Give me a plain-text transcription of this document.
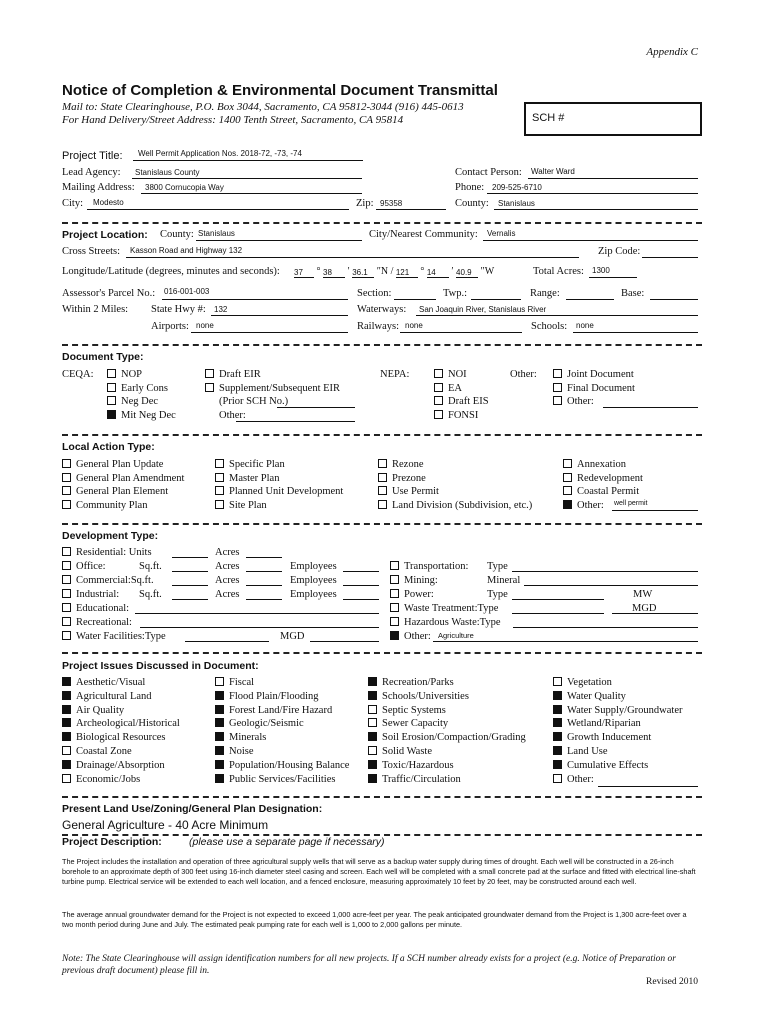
Appendix C
Notice of Completion & Environmental Document Transmittal
Mail to: State Clearinghouse, P.O. Box 3044, Sacramento, CA 95812-3044 (916) 445-0613
For Hand Delivery/Street Address: 1400 Tenth Street, Sacramento, CA 95814	SCH #
Project Title: Well Permit Application Nos. 2018-72, -73, -74
Lead Agency: Stanislaus County	Contact Person: Walter Ward
Mailing Address: 3800 Cornucopia Way	Phone: 209-525-6710
City: Modesto	Zip: 95358	County: Stanislaus
Project Location: County: Stanislaus	City/Nearest Community: Vernalis
Cross Streets: Kasson Road and Highway 132	Zip Code:
Longitude/Latitude (degrees, minutes and seconds): 37 ° 38 ′ 36.1 ″N / 121 ° 14 ′ 40.9 ″W	Total Acres: 1300
Assessor's Parcel No.: 016-001-003	Section:	Twp.:	Range:	Base:
Within 2 Miles: State Hwy #: 132	Waterways: San Joaquin River, Stanislaus River
Airports: none	Railways: none	Schools: none
Document Type:
CEQA:	NOP
Early Cons
Neg Dec
Mit Neg Dec
Draft EIR
Supplement/Subsequent EIR
(Prior SCH No.)
Other:
NEPA:	NOI
EA
Draft EIS
FONSI
Other:	Joint Document
Final Document
Other:
Local Action Type:
General Plan Update
General Plan Amendment
General Plan Element
Community Plan
Specific Plan
Master Plan
Planned Unit Development
Site Plan
Rezone
Prezone
Use Permit
Land Division (Subdivision, etc.)
Annexation
Redevelopment
Coastal Permit
Other: well permit
Development Type:
Residential: Units	Acres
Office:	Sq.ft.	Acres	Employees
Commercial:Sq.ft.	Acres	Employees
Industrial: Sq.ft.	Acres	Employees
Educational:
Recreational:
Water Facilities:Type	MGD
Transportation: Type
Mining:	Mineral
Power:	Type	MW
Waste Treatment:Type	MGD
Hazardous Waste:Type
Other: Agriculture
Project Issues Discussed in Document:
Aesthetic/Visual
Agricultural Land
Air Quality
Archeological/Historical
Biological Resources
Coastal Zone
Drainage/Absorption
Economic/Jobs
Fiscal
Flood Plain/Flooding
Forest Land/Fire Hazard
Geologic/Seismic
Minerals
Noise
Population/Housing Balance
Public Services/Facilities
Recreation/Parks
Schools/Universities
Septic Systems
Sewer Capacity
Soil Erosion/Compaction/Grading
Solid Waste
Toxic/Hazardous
Traffic/Circulation
Vegetation
Water Quality
Water Supply/Groundwater
Wetland/Riparian
Growth Inducement
Land Use
Cumulative Effects
Other:
Present Land Use/Zoning/General Plan Designation:
General Agriculture - 40 Acre Minimum
Project Description:	(please use a separate page if necessary)
The Project includes the installation and operation of three agricultural supply wells that will serve as a backup water supply during times of drought. Each well will be constructed in a 26-inch borehole to an approximate depth of 300 feet using 16-inch diameter steel casing and screen. Each well will be completed with a small concrete pad at the surface and fitted with electrical line-shaft turbine pump. Electrical service will be extended to each well location, and a fenced enclosure, measuring approximately 10 feet by 20 feet, may be constructed around each well.
The average annual groundwater demand for the Project is not expected to exceed 1,000 acre-feet per year. The peak anticipated groundwater demand from the Project is 1,300 acre-feet over a two month period during June and July. The estimated peak pumping rate for each well is 1,000 to 2,000 gallons per minute.
Note: The State Clearinghouse will assign identification numbers for all new projects. If a SCH number already exists for a project (e.g. Notice of Preparation or previous draft document) please fill in.
Revised 2010
